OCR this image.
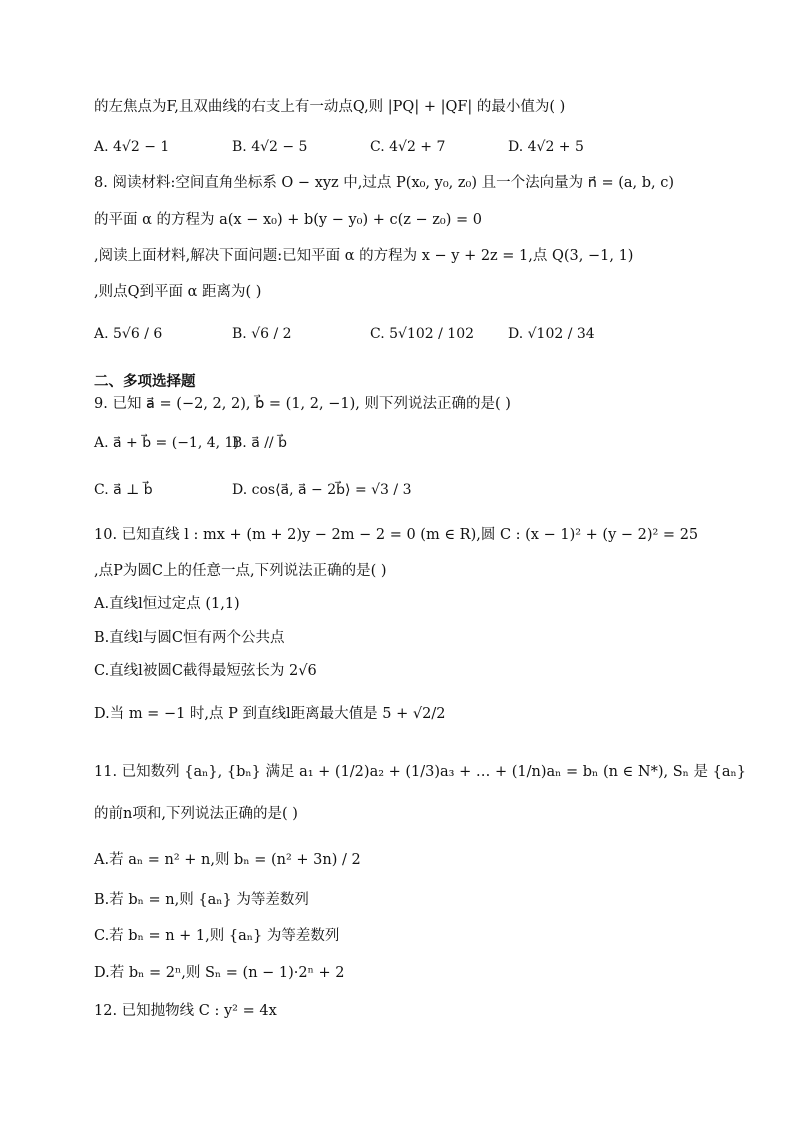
的左焦点为F,且双曲线的右支上有一动点Q,则 |PQ| + |QF| 的最小值为( )
A. 4√2 − 1	B. 4√2 − 5	C. 4√2 + 7	D. 4√2 + 5
8. 阅读材料:空间直角坐标系 O − xyz 中,过点 P(x₀, y₀, z₀) 且一个法向量为 n⃗ = (a, b, c)
的平面 α 的方程为 a(x − x₀) + b(y − y₀) + c(z − z₀) = 0
,阅读上面材料,解决下面问题:已知平面 α 的方程为 x − y + 2z = 1,点 Q(3, −1, 1)
,则点Q到平面 α 距离为( )
A. 5√6 / 6	B. √6 / 2	C. 5√102 / 102 D. √102 / 34
二、多项选择题
9. 已知 a⃗ = (−2, 2, 2), b⃗ = (1, 2, −1), 则下列说法正确的是( )
A. a⃗ + b⃗ = (−1, 4, 1)
B. a⃗ // b⃗
C. a⃗ ⊥ b⃗	D. cos⟨a⃗, a⃗ − 2b⃗⟩ = √3 / 3
10. 已知直线 l : mx + (m + 2)y − 2m − 2 = 0 (m ∈ R),圆 C : (x − 1)² + (y − 2)² = 25
,点P为圆C上的任意一点,下列说法正确的是( )
A.直线l恒过定点 (1,1)
B.直线l与圆C恒有两个公共点
C.直线l被圆C截得最短弦长为 2√6
D.当 m = −1 时,点 P 到直线l距离最大值是 5 + √2/2
11. 已知数列 {aₙ}, {bₙ} 满足 a₁ + (1/2)a₂ + (1/3)a₃ + … + (1/n)aₙ = bₙ (n ∈ N*), Sₙ 是 {aₙ}
的前n项和,下列说法正确的是( )
A.若 aₙ = n² + n,则 bₙ = (n² + 3n) / 2
B.若 bₙ = n,则 {aₙ} 为等差数列
C.若 bₙ = n + 1,则 {aₙ} 为等差数列
D.若 bₙ = 2ⁿ,则 Sₙ = (n − 1)·2ⁿ + 2
12. 已知抛物线 C : y² = 4x
